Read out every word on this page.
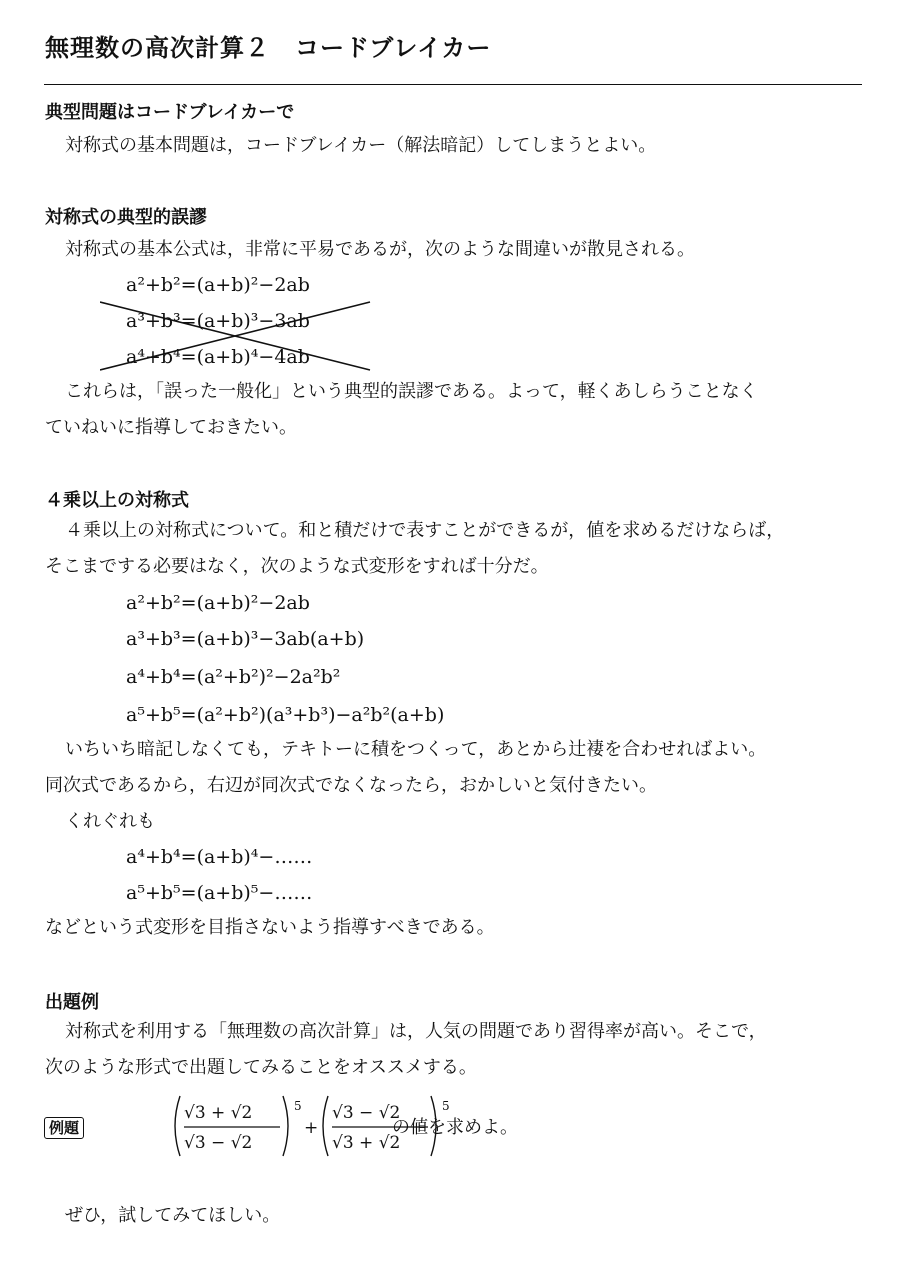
無理数の高次計算２　コードブレイカー
典型問題はコードブレイカーで
対称式の基本問題は，コードブレイカー（解法暗記）してしまうとよい。
対称式の典型的誤謬
対称式の基本公式は，非常に平易であるが，次のような間違いが散見される。
a²+b²=(a+b)²−2ab
a³+b³=(a+b)³−3ab
a⁴+b⁴=(a+b)⁴−4ab
これらは，「誤った一般化」という典型的誤謬である。よって，軽くあしらうことなく
ていねいに指導しておきたい。
４乗以上の対称式
４乗以上の対称式について。和と積だけで表すことができるが，値を求めるだけならば，
そこまでする必要はなく，次のような式変形をすれば十分だ。
a²+b²=(a+b)²−2ab
a³+b³=(a+b)³−3ab(a+b)
a⁴+b⁴=(a²+b²)²−2a²b²
a⁵+b⁵=(a²+b²)(a³+b³)−a²b²(a+b)
いちいち暗記しなくても，テキトーに積をつくって，あとから辻褄を合わせればよい。
同次式であるから，右辺が同次式でなくなったら，おかしいと気付きたい。
くれぐれも
a⁴+b⁴=(a+b)⁴−……
a⁵+b⁵=(a+b)⁵−……
などという式変形を目指さないよう指導すべきである。
出題例
対称式を利用する「無理数の高次計算」は，人気の問題であり習得率が高い。そこで，
次のような形式で出題してみることをオススメする。
例題
√3 + √2
√3 − √2
5
+
√3 − √2
√3 + √2
5
の値を求めよ。
ぜひ，試してみてほしい。
